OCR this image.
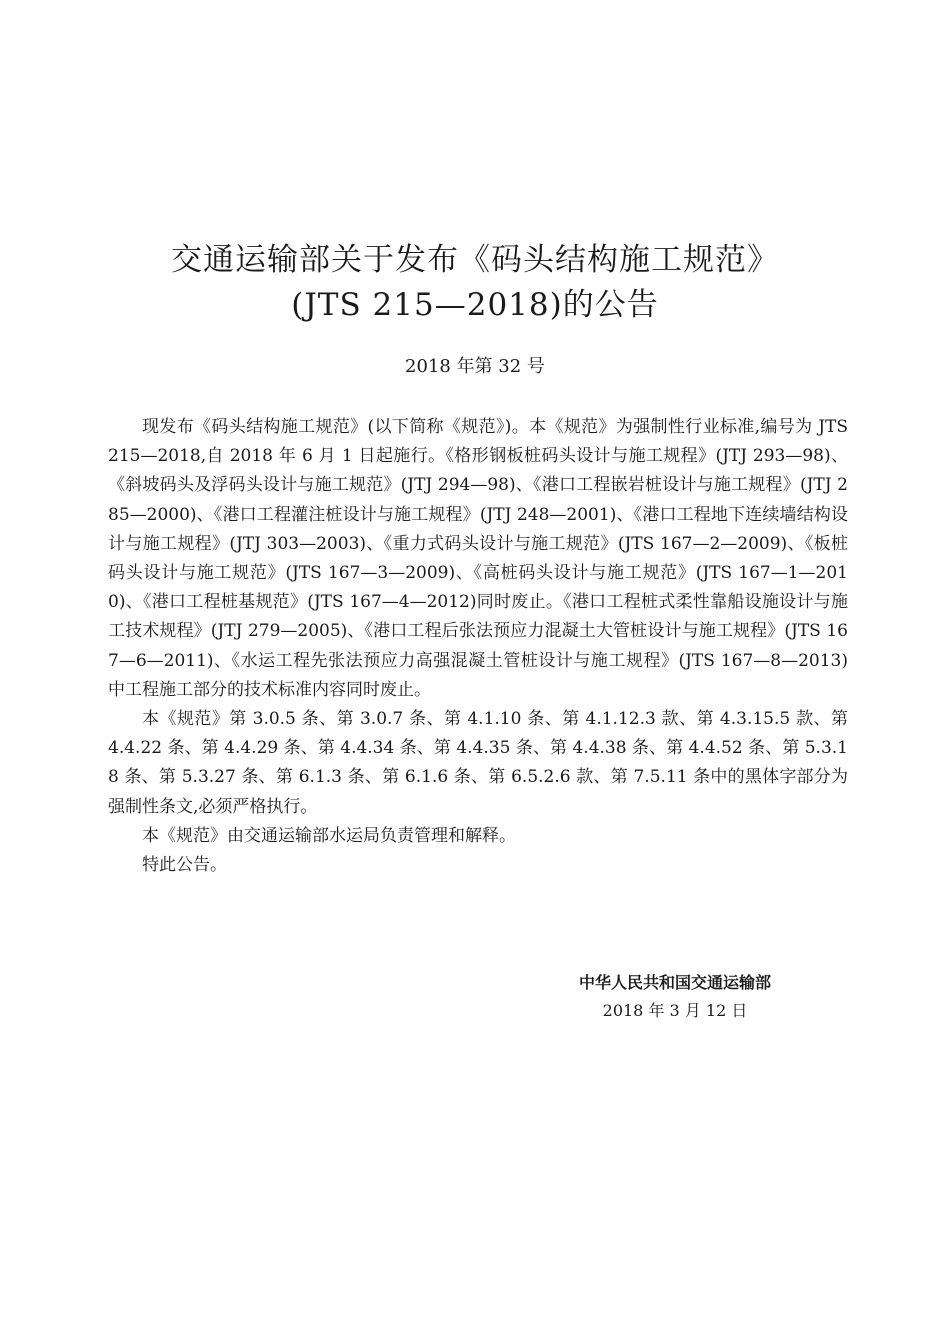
交通运输部关于发布《码头结构施工规范》
(JTS 215—2018)的公告

2018 年第 32 号

现发布《码头结构施工规范》(以下简称《规范》)。本《规范》为强制性行业标准,编号为 JTS 215—2018,自 2018 年 6 月 1 日起施行。《格形钢板桩码头设计与施工规程》(JTJ 293—98)、《斜坡码头及浮码头设计与施工规范》(JTJ 294—98)、《港口工程嵌岩桩设计与施工规程》(JTJ 285—2000)、《港口工程灌注桩设计与施工规程》(JTJ 248—2001)、《港口工程地下连续墙结构设计与施工规程》(JTJ 303—2003)、《重力式码头设计与施工规范》(JTS 167—2—2009)、《板桩码头设计与施工规范》(JTS 167—3—2009)、《高桩码头设计与施工规范》(JTS 167—1—2010)、《港口工程桩基规范》(JTS 167—4—2012)同时废止。《港口工程桩式柔性靠船设施设计与施工技术规程》(JTJ 279—2005)、《港口工程后张法预应力混凝土大管桩设计与施工规程》(JTS 167—6—2011)、《水运工程先张法预应力高强混凝土管桩设计与施工规程》(JTS 167—8—2013)中工程施工部分的技术标准内容同时废止。

本《规范》第 3.0.5 条、第 3.0.7 条、第 4.1.10 条、第 4.1.12.3 款、第 4.3.15.5 款、第 4.4.22 条、第 4.4.29 条、第 4.4.34 条、第 4.4.35 条、第 4.4.38 条、第 4.4.52 条、第 5.3.18 条、第 5.3.27 条、第 6.1.3 条、第 6.1.6 条、第 6.5.2.6 款、第 7.5.11 条中的黑体字部分为强制性条文,必须严格执行。

本《规范》由交通运输部水运局负责管理和解释。

特此公告。

中华人民共和国交通运输部

2018 年 3 月 12 日
